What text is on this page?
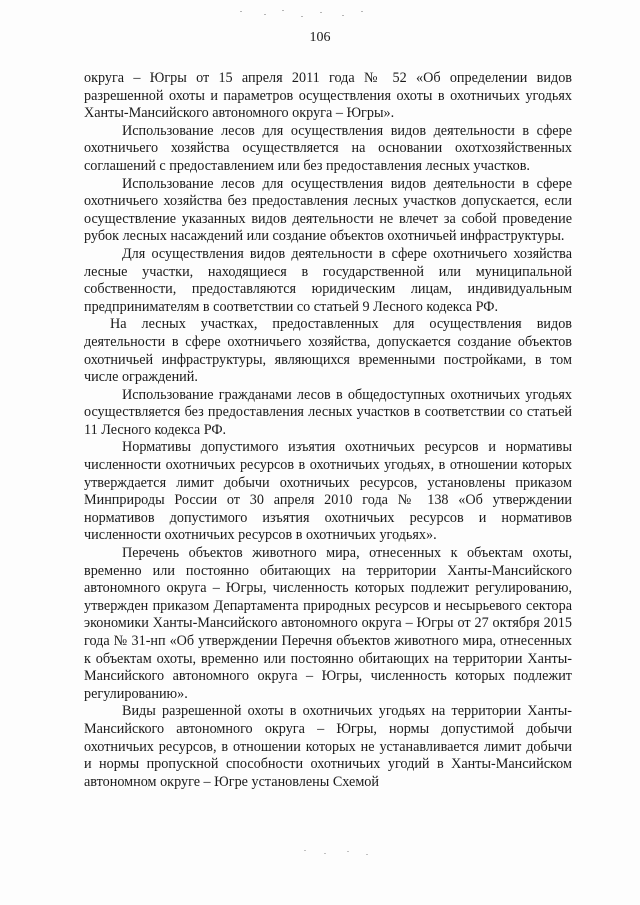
106

округа – Югры от 15 апреля 2011 года № 52 «Об определении видов разрешенной охоты и параметров осуществления охоты в охотничьих угодьях Ханты-Мансийского автономного округа – Югры».

Использование лесов для осуществления видов деятельности в сфере охотничьего хозяйства осуществляется на основании охотхозяйственных соглашений с предоставлением или без предоставления лесных участков.

Использование лесов для осуществления видов деятельности в сфере охотничьего хозяйства без предоставления лесных участков допускается, если осуществление указанных видов деятельности не влечет за собой проведение рубок лесных насаждений или создание объектов охотничьей инфраструктуры.

Для осуществления видов деятельности в сфере охотничьего хозяйства лесные участки, находящиеся в государственной или муниципальной собственности, предоставляются юридическим лицам, индивидуальным предпринимателям в соответствии со статьей 9 Лесного кодекса РФ.

На лесных участках, предоставленных для осуществления видов деятельности в сфере охотничьего хозяйства, допускается создание объектов охотничьей инфраструктуры, являющихся временными постройками, в том числе ограждений.

Использование гражданами лесов в общедоступных охотничьих угодьях осуществляется без предоставления лесных участков в соответствии со статьей 11 Лесного кодекса РФ.

Нормативы допустимого изъятия охотничьих ресурсов и нормативы численности охотничьих ресурсов в охотничьих угодьях, в отношении которых утверждается лимит добычи охотничьих ресурсов, установлены приказом Минприроды России от 30 апреля 2010 года № 138 «Об утверждении нормативов допустимого изъятия охотничьих ресурсов и нормативов численности охотничьих ресурсов в охотничьих угодьях».

Перечень объектов животного мира, отнесенных к объектам охоты, временно или постоянно обитающих на территории Ханты-Мансийского автономного округа – Югры, численность которых подлежит регулированию, утвержден приказом Департамента природных ресурсов и несырьевого сектора экономики Ханты-Мансийского автономного округа – Югры от 27 октября 2015 года № 31-нп «Об утверждении Перечня объектов животного мира, отнесенных к объектам охоты, временно или постоянно обитающих на территории Ханты-Мансийского автономного округа – Югры, численность которых подлежит регулированию».

Виды разрешенной охоты в охотничьих угодьях на территории Ханты-Мансийского автономного округа – Югры, нормы допустимой добычи охотничьих ресурсов, в отношении которых не устанавливается лимит добычи и нормы пропускной способности охотничьих угодий в Ханты-Мансийском автономном округе – Югре установлены Схемой
